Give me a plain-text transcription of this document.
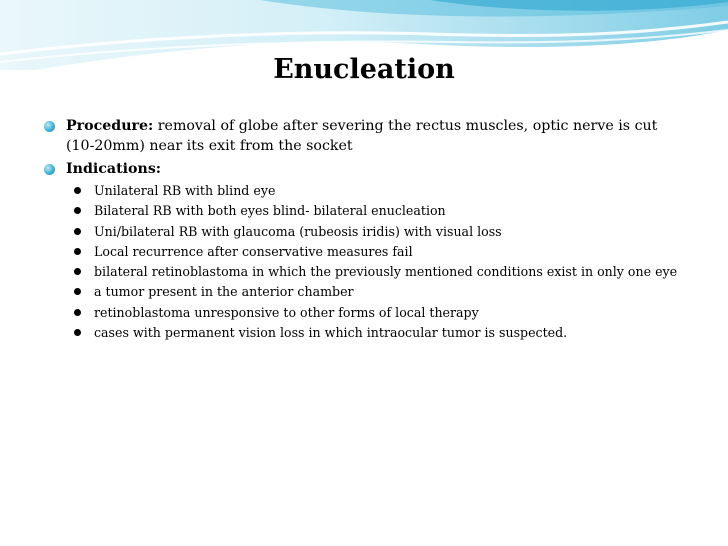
Enucleation
Procedure: removal of globe after severing the rectus muscles, optic nerve is cut (10-20mm) near its exit from the socket
Indications:
Unilateral RB with blind eye
Bilateral RB with both eyes blind- bilateral enucleation
Uni/bilateral RB with glaucoma (rubeosis iridis) with visual loss
Local recurrence after conservative measures fail
bilateral retinoblastoma in which the previously mentioned conditions exist in only one eye
a tumor present in the anterior chamber
retinoblastoma unresponsive to other forms of local therapy
cases with permanent vision loss in which intraocular tumor is suspected.
